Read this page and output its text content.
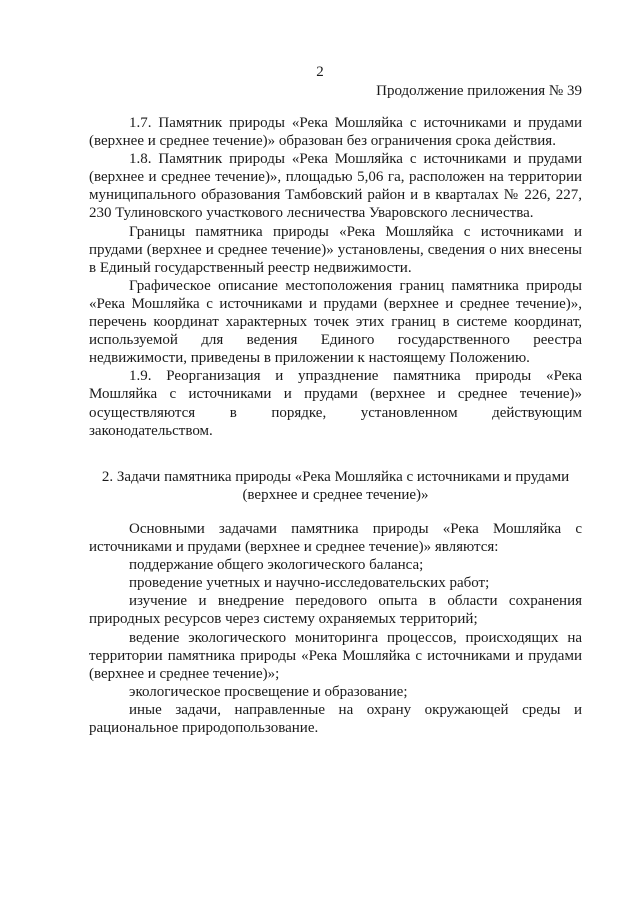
2
Продолжение приложения № 39

1.7. Памятник природы «Река Мошляйка с источниками и прудами (верхнее и среднее течение)» образован без ограничения срока действия.

1.8. Памятник природы «Река Мошляйка с источниками и прудами (верхнее и среднее течение)», площадью 5,06 га, расположен на территории муниципального образования Тамбовский район и в кварталах № 226, 227, 230 Тулиновского участкового лесничества Уваровского лесничества.

Границы памятника природы «Река Мошляйка с источниками и прудами (верхнее и среднее течение)» установлены, сведения о них внесены в Единый государственный реестр недвижимости.

Графическое описание местоположения границ памятника природы «Река Мошляйка с источниками и прудами (верхнее и среднее течение)», перечень координат характерных точек этих границ в системе координат, используемой для ведения Единого государственного реестра недвижимости, приведены в приложении к настоящему Положению.

1.9. Реорганизация и упразднение памятника природы «Река Мошляйка с источниками и прудами (верхнее и среднее течение)» осуществляются в порядке, установленном действующим законодательством.

2. Задачи памятника природы «Река Мошляйка с источниками и прудами (верхнее и среднее течение)»

Основными задачами памятника природы «Река Мошляйка с источниками и прудами (верхнее и среднее течение)» являются:

поддержание общего экологического баланса;

проведение учетных и научно-исследовательских работ;

изучение и внедрение передового опыта в области сохранения природных ресурсов через систему охраняемых территорий;

ведение экологического мониторинга процессов, происходящих на территории памятника природы «Река Мошляйка с источниками и прудами (верхнее и среднее течение)»;

экологическое просвещение и образование;

иные задачи, направленные на охрану окружающей среды и рациональное природопользование.
